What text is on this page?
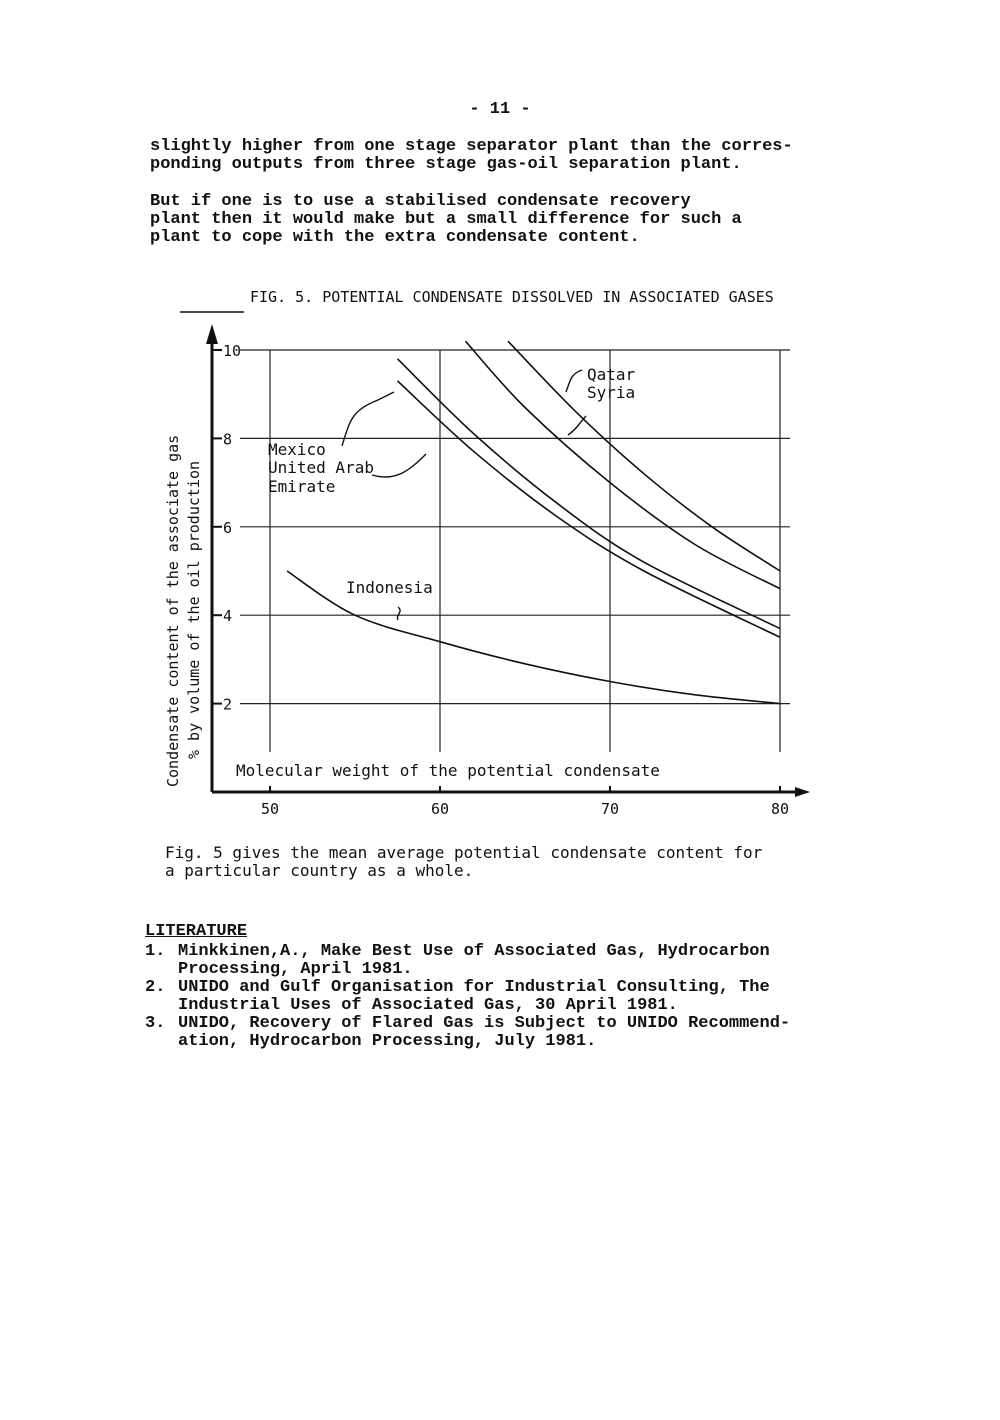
- 11 -

slightly higher from one stage separator plant than the corres-
ponding outputs from three stage gas-oil separation plant.

But if one is to use a stabilised condensate recovery
plant then it would make but a small difference for such a
plant to cope with the extra condensate content.

FIG. 5. POTENTIAL CONDENSATE DISSOLVED IN ASSOCIATED GASES
2
4
6
8
10
50	60	70	80
Molecular weight of the potential condensate
Condensate content of the associate gas % by volume of the oil production
Qatar
Syria
Mexico
United Arab
Emirate
Indonesia

Fig. 5 gives the mean average potential condensate content for
a particular country as a whole.

LITERATURE
1. Minkkinen,A., Make Best Use of Associated Gas, Hydrocarbon
Processing, April 1981.
2. UNIDO and Gulf Organisation for Industrial Consulting, The
Industrial Uses of Associated Gas, 30 April 1981.
3. UNIDO, Recovery of Flared Gas is Subject to UNIDO Recommend-
ation, Hydrocarbon Processing, July 1981.
